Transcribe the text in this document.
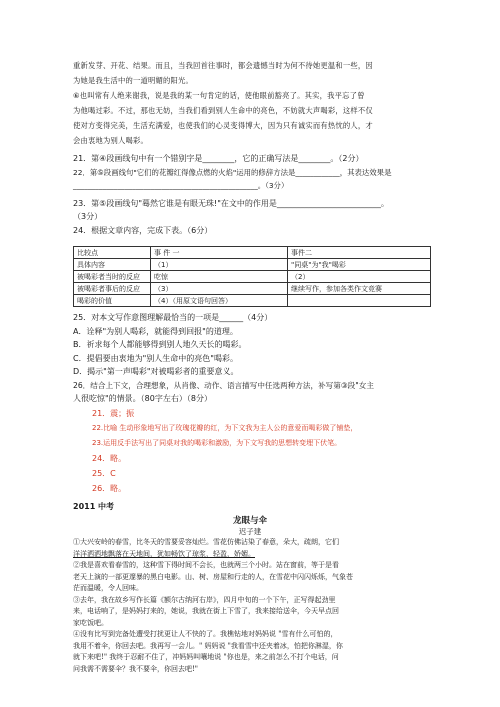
重新发芽、开花、结果。而且，当我回首往事时，都会遗憾当时为何不待她更温和一些，因

为她是我生活中的一道明媚的阳光。

⑥也叫常有人绝来谢我，说是我的某一句肯定的话，使他眼前豁亮了。其实，我平忘了曾

为他喝过彩。不过，那也无妨，当我们看到别人生命中的亮色，不妨就大声喝彩，这样不仅

使对方变得完美，生活充满爱，也使我们的心灵变得博大，因为只有诚实而有热忱的人，才

会由衷地为别人喝彩。

21．第④段画线句中有一个错别字是________，它的正确写法是________。（2分）

22．第⑤段画线句"它们的花瓣红得像点燃的火焰"运用的修辞方法是____________，其表达效果是__________________________________________________。（3分）

23．第⑤段画线句"蓦然它谁是有眼无珠!"在文中的作用是__________________________。

（3分）

24．根据文章内容，完成下表。（6分）

比较点	事 件 一	事件二
具体内容	（1）	"同桌"为"我"喝彩
被喝彩者当时的反应	吃惊	（2）
被喝彩者事后的反应	（3）	继续写作，参加各类作文竞赛
喝彩的价值	（4）（用原文语句回答）	

25．对本文写作意图理解最恰当的一项是______（4分）

A．诠释"为别人喝彩，就能得到回报"的道理。

B．祈求每个人都能够得到别人地久天长的喝彩。

C．提倡要由衷地为"别人生命中的亮色"喝彩。

D．揭示"第一声喝彩"对被喝彩者的重要意义。

26．结合上下文，合理想象，从肖像、动作、语言描写中任选两种方法，补写第③段"女主

人很吃惊"的情景。（80字左右）（8分）

21．震；振

22.比喻 生动形象地写出了玫瑰花瓣的红，为下文我为主人公的意爱而喝彩做了铺垫，

23.运用反手法写出了同桌对我的喝彩和激励，为下文写我的思想转变埋下伏笔。

24．略。

25．C

26．略。

2011 中考
龙眼与伞
迟子建

①大兴安岭的春雪，比冬天的雪要妥容灿烂。雪花仿佛沾染了春意，朵大，疏朗，它们

洋洋洒洒地飘落在天地间，犹如畅饮了琼浆，轻盈，娇媚。

②我是喜欢看春雪的，这种雪下得时间不会长，也就两三个小时。站在窗前，等于是看

老天上演的一部更邃暴的黑白电影。山、树、房屋和行走的人，在雪花中闪闪烁烁，气象苍

茫而温暖，令人回味。

③去年，我在故乡写作长篇《额尔古纳河右岸》，四月中旬的一个下午，正写得起劲里

来，电话响了，是妈妈打来的，她说，我就在街上下雪了，我来接给送伞，今天早点回

家吃饭吧。

④没有比写到完备处遭受打扰更让人不快的了。我樵钻地对妈妈说 "雪有什么可怕的，

我用不着伞，你回去吧。我再写一会儿。" 妈妈说 "我看雪中还夹着冰，怕把你淋湿，你

就下来吧!" 我终于忍耐不住了，冲妈妈叫嚷地说 "你也是，来之前怎么不打个电话，问

问我需不需要伞？我不要伞，你回去吧!"
